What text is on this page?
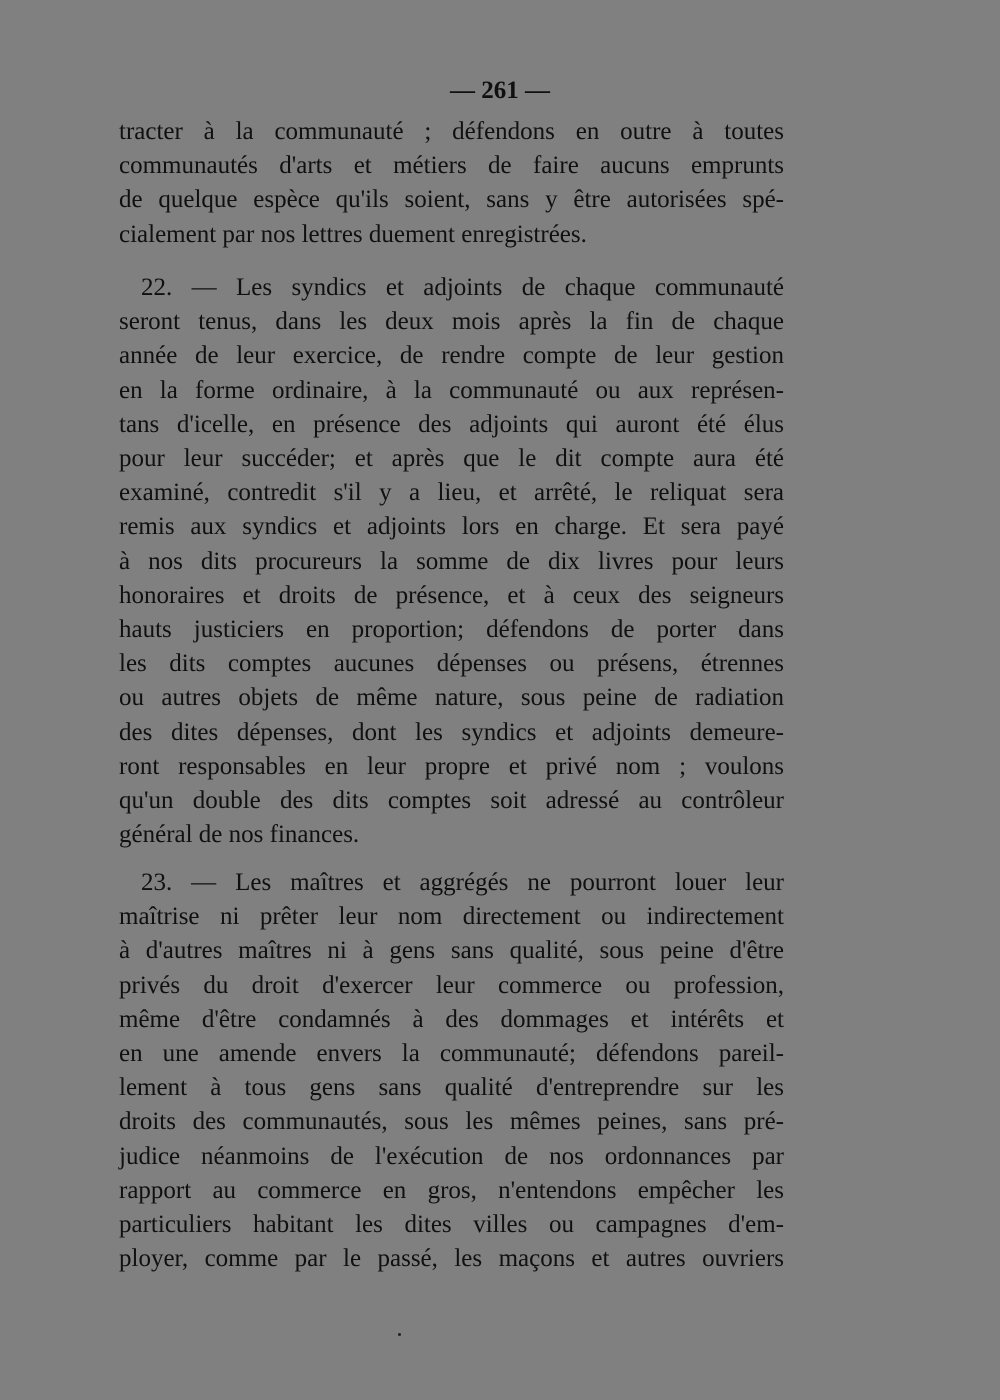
— 261 —
tracter à la communauté ; défendons en outre à toutes
communautés d'arts et métiers de faire aucuns emprunts
de quelque espèce qu'ils soient, sans y être autorisées spé-
cialement par nos lettres duement enregistrées.
22. — Les syndics et adjoints de chaque communauté
seront tenus, dans les deux mois après la fin de chaque
année de leur exercice, de rendre compte de leur gestion
en la forme ordinaire, à la communauté ou aux représen-
tans d'icelle, en présence des adjoints qui auront été élus
pour leur succéder; et après que le dit compte aura été
examiné, contredit s'il y a lieu, et arrêté, le reliquat sera
remis aux syndics et adjoints lors en charge. Et sera payé
à nos dits procureurs la somme de dix livres pour leurs
honoraires et droits de présence, et à ceux des seigneurs
hauts justiciers en proportion; défendons de porter dans
les dits comptes aucunes dépenses ou présens, étrennes
ou autres objets de même nature, sous peine de radiation
des dites dépenses, dont les syndics et adjoints demeure-
ront responsables en leur propre et privé nom ; voulons
qu'un double des dits comptes soit adressé au contrôleur
général de nos finances.
23. — Les maîtres et aggrégés ne pourront louer leur
maîtrise ni prêter leur nom directement ou indirectement
à d'autres maîtres ni à gens sans qualité, sous peine d'être
privés du droit d'exercer leur commerce ou profession,
même d'être condamnés à des dommages et intérêts et
en une amende envers la communauté; défendons pareil-
lement à tous gens sans qualité d'entreprendre sur les
droits des communautés, sous les mêmes peines, sans pré-
judice néanmoins de l'exécution de nos ordonnances par
rapport au commerce en gros, n'entendons empêcher les
particuliers habitant les dites villes ou campagnes d'em-
ployer, comme par le passé, les maçons et autres ouvriers
